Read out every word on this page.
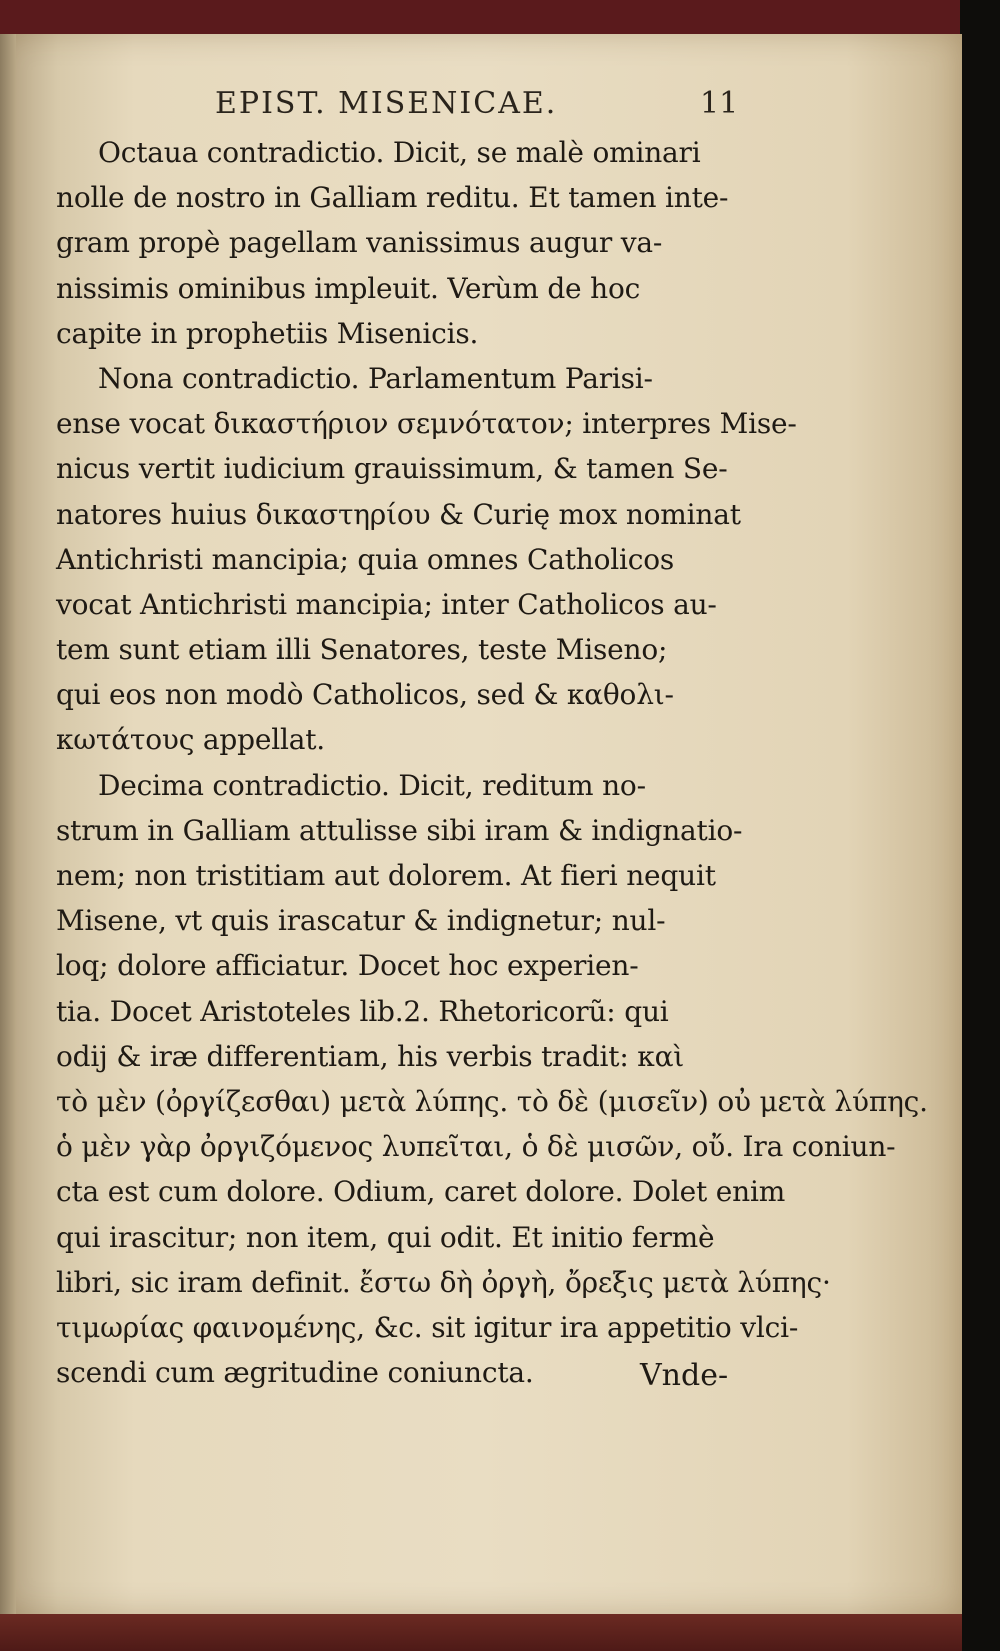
EPIST. MISENICAE.	11
Octaua contradictio. Dicit, se malè ominari
nolle de nostro in Galliam reditu. Et tamen inte-
gram propè pagellam vanissimus augur va-
nissimis ominibus impleuit. Verùm de hoc
capite in prophetiis Misenicis.
Nona contradictio. Parlamentum Parisi-
ense vocat δικαστήριον σεμνότατον; interpres Mise-
nicus vertit iudicium grauissimum, & tamen Se-
natores huius δικαστηρίου & Curię mox nominat
Antichristi mancipia; quia omnes Catholicos
vocat Antichristi mancipia; inter Catholicos au-
tem sunt etiam illi Senatores, teste Miseno;
qui eos non modò Catholicos, sed & καθολι-
κωτάτους appellat.
Decima contradictio. Dicit, reditum no-
strum in Galliam attulisse sibi iram & indignatio-
nem; non tristitiam aut dolorem. At fieri nequit
Misene, vt quis irascatur & indignetur; nul-
loq; dolore afficiatur. Docet hoc experien-
tia. Docet Aristoteles lib.2. Rhetoricorũ: qui
odij & iræ differentiam, his verbis tradit: καὶ
τὸ μὲν (ὀργίζεσθαι) μετὰ λύπης. τὸ δὲ (μισεῖν) οὐ μετὰ λύπης.
ὁ μὲν γὰρ ὀργιζόμενος λυπεῖται, ὁ δὲ μισῶν, οὔ. Ira coniun-
cta est cum dolore. Odium, caret dolore. Dolet enim
qui irascitur; non item, qui odit. Et initio fermè
libri, sic iram definit. ἔστω δὴ ὀργὴ, ὄρεξις μετὰ λύπης·
τιμωρίας φαινομένης, &c. sit igitur ira appetitio vlci-
scendi cum ægritudine coniuncta.	Vnde-
